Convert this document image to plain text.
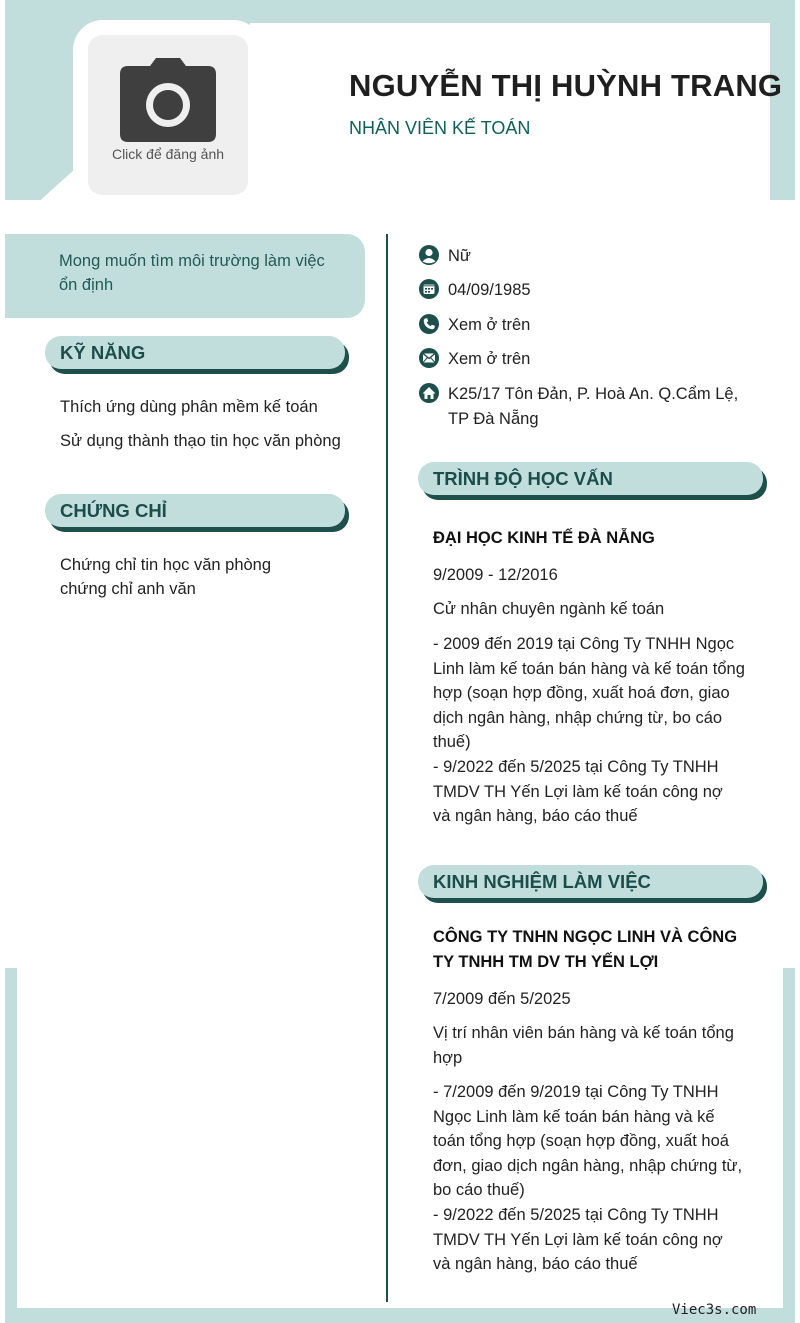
Click để đăng ảnh
NGUYỄN THỊ HUỲNH TRANG
NHÂN VIÊN KẾ TOÁN
Mong muốn tìm môi trường làm việc ổn định
KỸ NĂNG
Thích ứng dùng phân mềm kế toán
Sử dụng thành thạo tin học văn phòng
CHỨNG CHỈ
Chứng chỉ tin học văn phòng
chứng chỉ anh văn
Nữ
04/09/1985
Xem ở trên
Xem ở trên
K25/17 Tôn Đản, P. Hoà An. Q.Cẩm Lệ, TP Đà Nẵng
TRÌNH ĐỘ HỌC VẤN
ĐẠI HỌC KINH TẾ ĐÀ NẴNG
9/2009 - 12/2016
Cử nhân chuyên ngành kế toán
- 2009 đến 2019 tại Công Ty TNHH Ngọc Linh làm kế toán bán hàng và kế toán tổng hợp (soạn hợp đồng, xuất hoá đơn, giao dịch ngân hàng, nhập chứng từ, bo cáo thuế)
- 9/2022 đến 5/2025 tại Công Ty TNHH TMDV TH Yến Lợi làm kế toán công nợ và ngân hàng, báo cáo thuế
KINH NGHIỆM LÀM VIỆC
CÔNG TY TNHN NGỌC LINH VÀ CÔNG TY TNHH TM DV TH YẾN LỢI
7/2009 đến 5/2025
Vị trí nhân viên bán hàng và kế toán tổng hợp
- 7/2009 đến 9/2019 tại Công Ty TNHH Ngọc Linh làm kế toán bán hàng và kế toán tổng hợp (soạn hợp đồng, xuất hoá đơn, giao dịch ngân hàng, nhập chứng từ, bo cáo thuế)
- 9/2022 đến 5/2025 tại Công Ty TNHH TMDV TH Yến Lợi làm kế toán công nợ và ngân hàng, báo cáo thuế
Viec3s.com
